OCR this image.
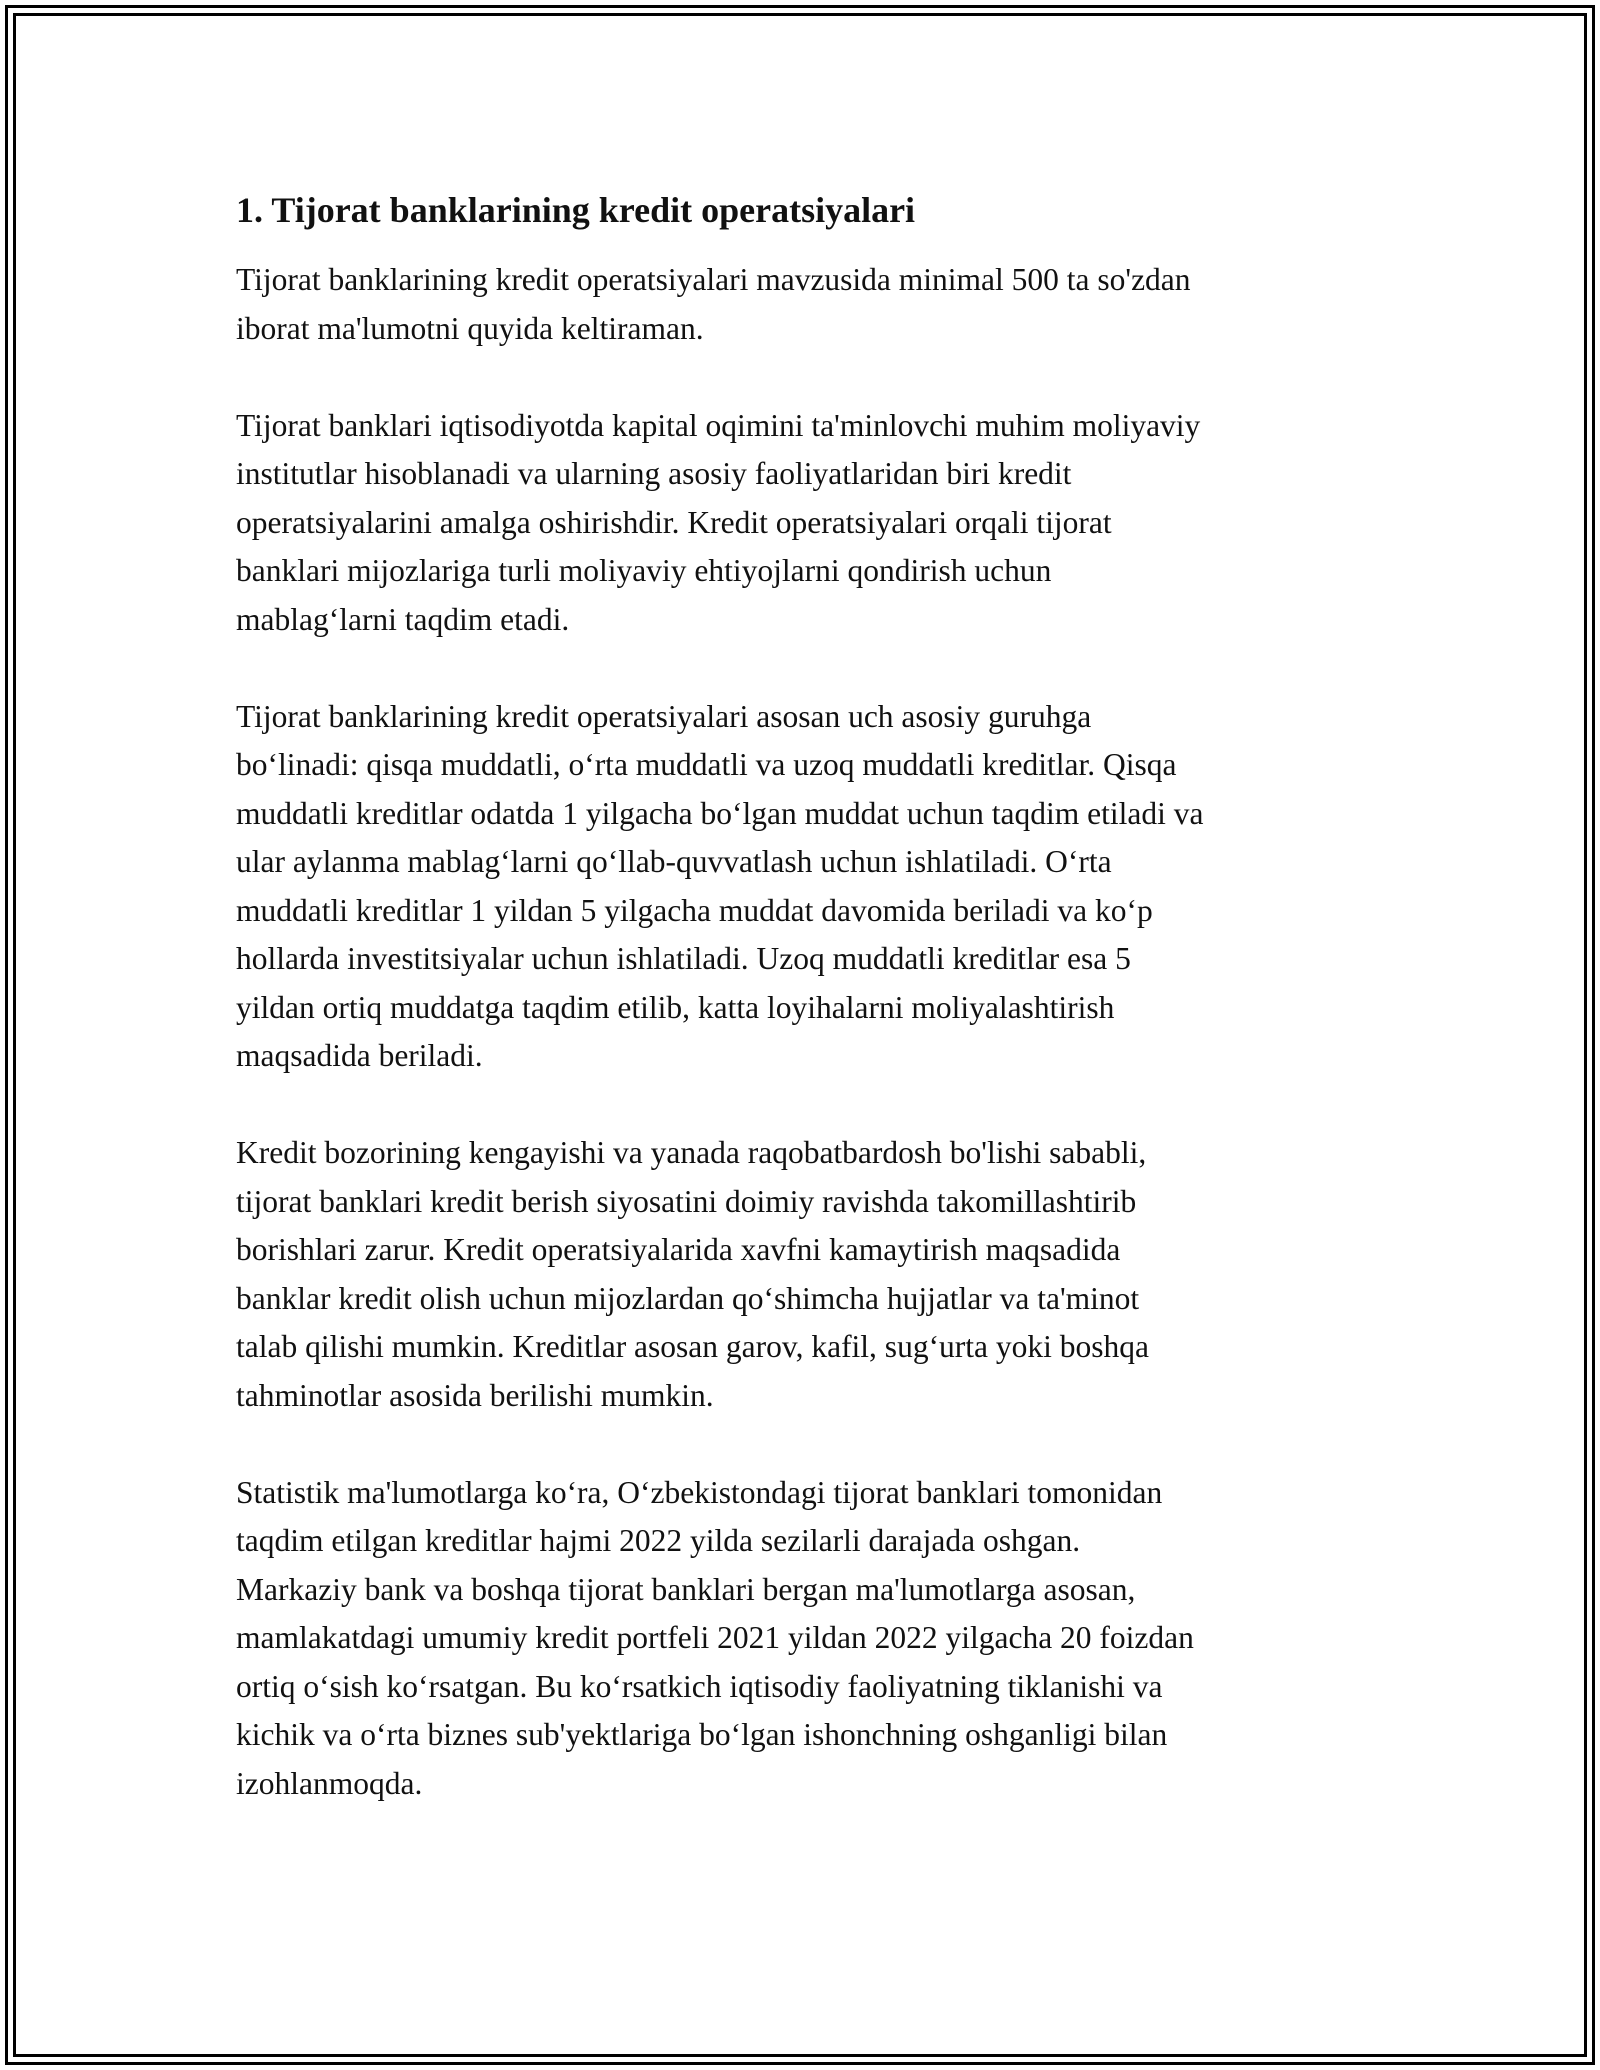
1. Tijorat banklarining kredit operatsiyalari
Tijorat banklarining kredit operatsiyalari mavzusida minimal 500 ta so'zdan
iborat ma'lumotni quyida keltiraman.
Tijorat banklari iqtisodiyotda kapital oqimini ta'minlovchi muhim moliyaviy
institutlar hisoblanadi va ularning asosiy faoliyatlaridan biri kredit
operatsiyalarini amalga oshirishdir. Kredit operatsiyalari orqali tijorat
banklari mijozlariga turli moliyaviy ehtiyojlarni qondirish uchun
mablag‘larni taqdim etadi.
Tijorat banklarining kredit operatsiyalari asosan uch asosiy guruhga
bo‘linadi: qisqa muddatli, o‘rta muddatli va uzoq muddatli kreditlar. Qisqa
muddatli kreditlar odatda 1 yilgacha bo‘lgan muddat uchun taqdim etiladi va
ular aylanma mablag‘larni qo‘llab-quvvatlash uchun ishlatiladi. O‘rta
muddatli kreditlar 1 yildan 5 yilgacha muddat davomida beriladi va ko‘p
hollarda investitsiyalar uchun ishlatiladi. Uzoq muddatli kreditlar esa 5
yildan ortiq muddatga taqdim etilib, katta loyihalarni moliyalashtirish
maqsadida beriladi.
Kredit bozorining kengayishi va yanada raqobatbardosh bo'lishi sababli,
tijorat banklari kredit berish siyosatini doimiy ravishda takomillashtirib
borishlari zarur. Kredit operatsiyalarida xavfni kamaytirish maqsadida
banklar kredit olish uchun mijozlardan qo‘shimcha hujjatlar va ta'minot
talab qilishi mumkin. Kreditlar asosan garov, kafil, sug‘urta yoki boshqa
tahminotlar asosida berilishi mumkin.
Statistik ma'lumotlarga ko‘ra, O‘zbekistondagi tijorat banklari tomonidan
taqdim etilgan kreditlar hajmi 2022 yilda sezilarli darajada oshgan.
Markaziy bank va boshqa tijorat banklari bergan ma'lumotlarga asosan,
mamlakatdagi umumiy kredit portfeli 2021 yildan 2022 yilgacha 20 foizdan
ortiq o‘sish ko‘rsatgan. Bu ko‘rsatkich iqtisodiy faoliyatning tiklanishi va
kichik va o‘rta biznes sub'yektlariga bo‘lgan ishonchning oshganligi bilan
izohlanmoqda.
